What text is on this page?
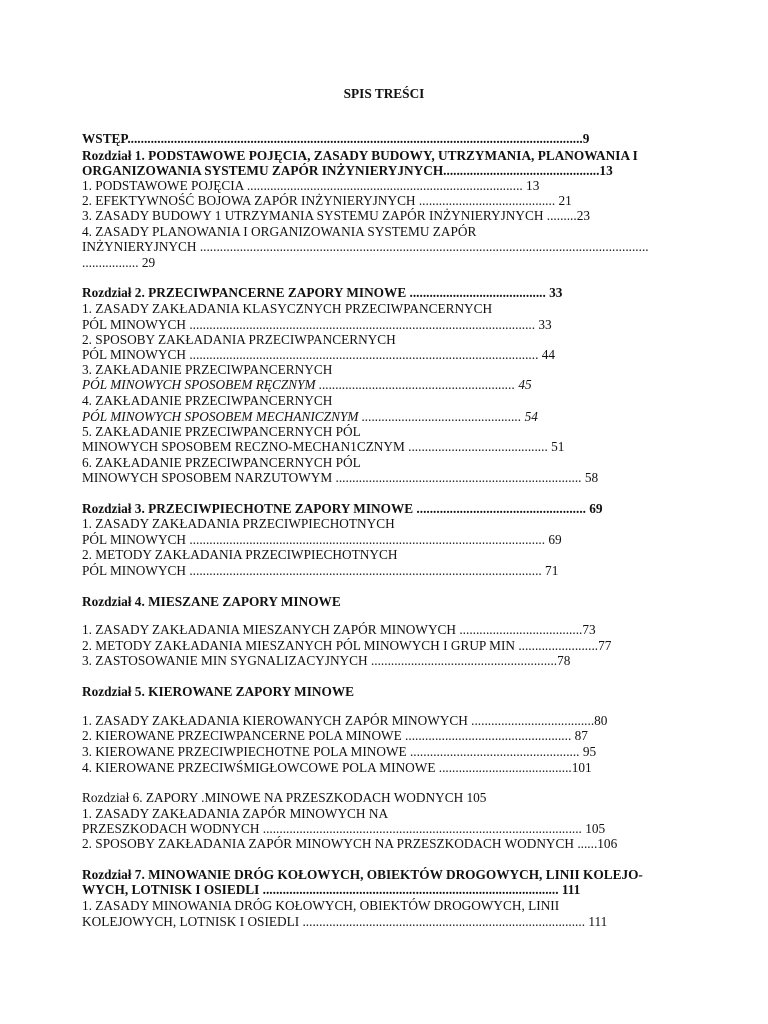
SPIS TREŚCI
WSTĘP.........................................................................................................................................9
Rozdział 1. PODSTAWOWE POJĘCIA, ZASADY BUDOWY, UTRZYMANIA, PLANOWANIA I
ORGANIZOWANIA SYSTEMU ZAPÓR INŻYNIERYJNYCH...............................................13
1. PODSTAWOWE POJĘCIA ................................................................................... 13
2. EFEKTYWNOŚĆ BOJOWA ZAPÓR INŻYNIERYJNYCH ......................................... 21
3. ZASADY BUDOWY 1 UTRZYMANIA SYSTEMU ZAPÓR INŻYNIERYJNYCH .........23
4. ZASADY PLANOWANIA I ORGANIZOWANIA SYSTEMU ZAPÓR
INŻYNIERYJNYCH .......................................................................................................................................
................. 29
Rozdział 2. PRZECIWPANCERNE ZAPORY MINOWE ......................................... 33
1. ZASADY ZAKŁADANIA KLASYCZNYCH PRZECIWPANCERNYCH
PÓL MINOWYCH ........................................................................................................ 33
2. SPOSOBY ZAKŁADANIA PRZECIWPANCERNYCH
PÓL MINOWYCH ......................................................................................................... 44
3. ZAKŁADANIE PRZECIWPANCERNYCH
PÓL MINOWYCH SPOSOBEM RĘCZNYM ........................................................... 45
4. ZAKŁADANIE PRZECIWPANCERNYCH
PÓL MINOWYCH SPOSOBEM MECHANICZNYM ................................................ 54
5. ZAKŁADANIE PRZECIWPANCERNYCH PÓL
MINOWYCH SPOSOBEM RECZNO-MECHAN1CZNYM .......................................... 51
6. ZAKŁADANIE PRZECIWPANCERNYCH PÓL
MINOWYCH SPOSOBEM NARZUTOWYM .......................................................................... 58
Rozdział 3. PRZECIWPIECHOTNE ZAPORY MINOWE ................................................... 69
1. ZASADY ZAKŁADANIA PRZECIWPIECHOTNYCH
PÓL MINOWYCH ........................................................................................................... 69
2. METODY ZAKŁADANIA PRZECIWPIECHOTNYCH
PÓL MINOWYCH .......................................................................................................... 71
Rozdział 4. MIESZANE ZAPORY MINOWE
1. ZASADY ZAKŁADANIA MIESZANYCH ZAPÓR MINOWYCH .....................................73
2. METODY ZAKŁADANIA MIESZANYCH PÓL MINOWYCH I GRUP MIN ........................77
3. ZASTOSOWANIE MIN SYGNALIZACYJNYCH ........................................................78
Rozdział 5. KIEROWANE ZAPORY MINOWE
1. ZASADY ZAKŁADANIA KIEROWANYCH ZAPÓR MINOWYCH .....................................80
2. KIEROWANE PRZECIWPANCERNE POLA MINOWE .................................................. 87
3. KIEROWANE PRZECIWPIECHOTNE POLA MINOWE ................................................... 95
4. KIEROWANE PRZECIWŚMIGŁOWCOWE POLA MINOWE ........................................101
Rozdział 6. ZAPORY .MINOWE NA PRZESZKODACH WODNYCH 105
1. ZASADY ZAKŁADANIA ZAPÓR MINOWYCH NA
PRZESZKODACH WODNYCH ................................................................................................ 105
2. SPOSOBY ZAKŁADANIA ZAPÓR MINOWYCH NA PRZESZKODACH WODNYCH ......106
Rozdział 7. MINOWANIE DRÓG KOŁOWYCH, OBIEKTÓW DROGOWYCH, LINII KOLEJO-
WYCH, LOTNISK I OSIEDLI ......................................................................................... 111
1. ZASADY MINOWANIA DRÓG KOŁOWYCH, OBIEKTÓW DROGOWYCH, LINII
KOLEJOWYCH, LOTNISK I OSIEDLI ..................................................................................... 111
